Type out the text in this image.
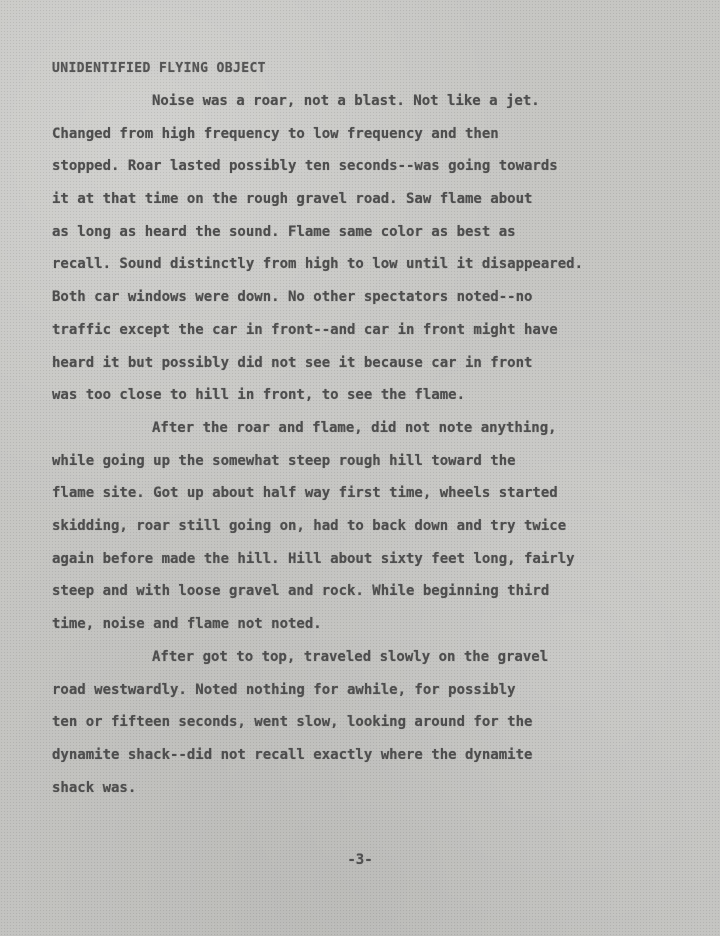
UNIDENTIFIED FLYING OBJECT
Noise was a roar, not a blast. Not like a jet.
Changed from high frequency to low frequency and then
stopped. Roar lasted possibly ten seconds--was going towards
it at that time on the rough gravel road. Saw flame about
as long as heard the sound. Flame same color as best as
recall. Sound distinctly from high to low until it disappeared.
Both car windows were down. No other spectators noted--no
traffic except the car in front--and car in front might have
heard it but possibly did not see it because car in front
was too close to hill in front, to see the flame.
After the roar and flame, did not note anything,
while going up the somewhat steep rough hill toward the
flame site. Got up about half way first time, wheels started
skidding, roar still going on, had to back down and try twice
again before made the hill. Hill about sixty feet long, fairly
steep and with loose gravel and rock. While beginning third
time, noise and flame not noted.
After got to top, traveled slowly on the gravel
road westwardly. Noted nothing for awhile, for possibly
ten or fifteen seconds, went slow, looking around for the
dynamite shack--did not recall exactly where the dynamite
shack was.
-3-
